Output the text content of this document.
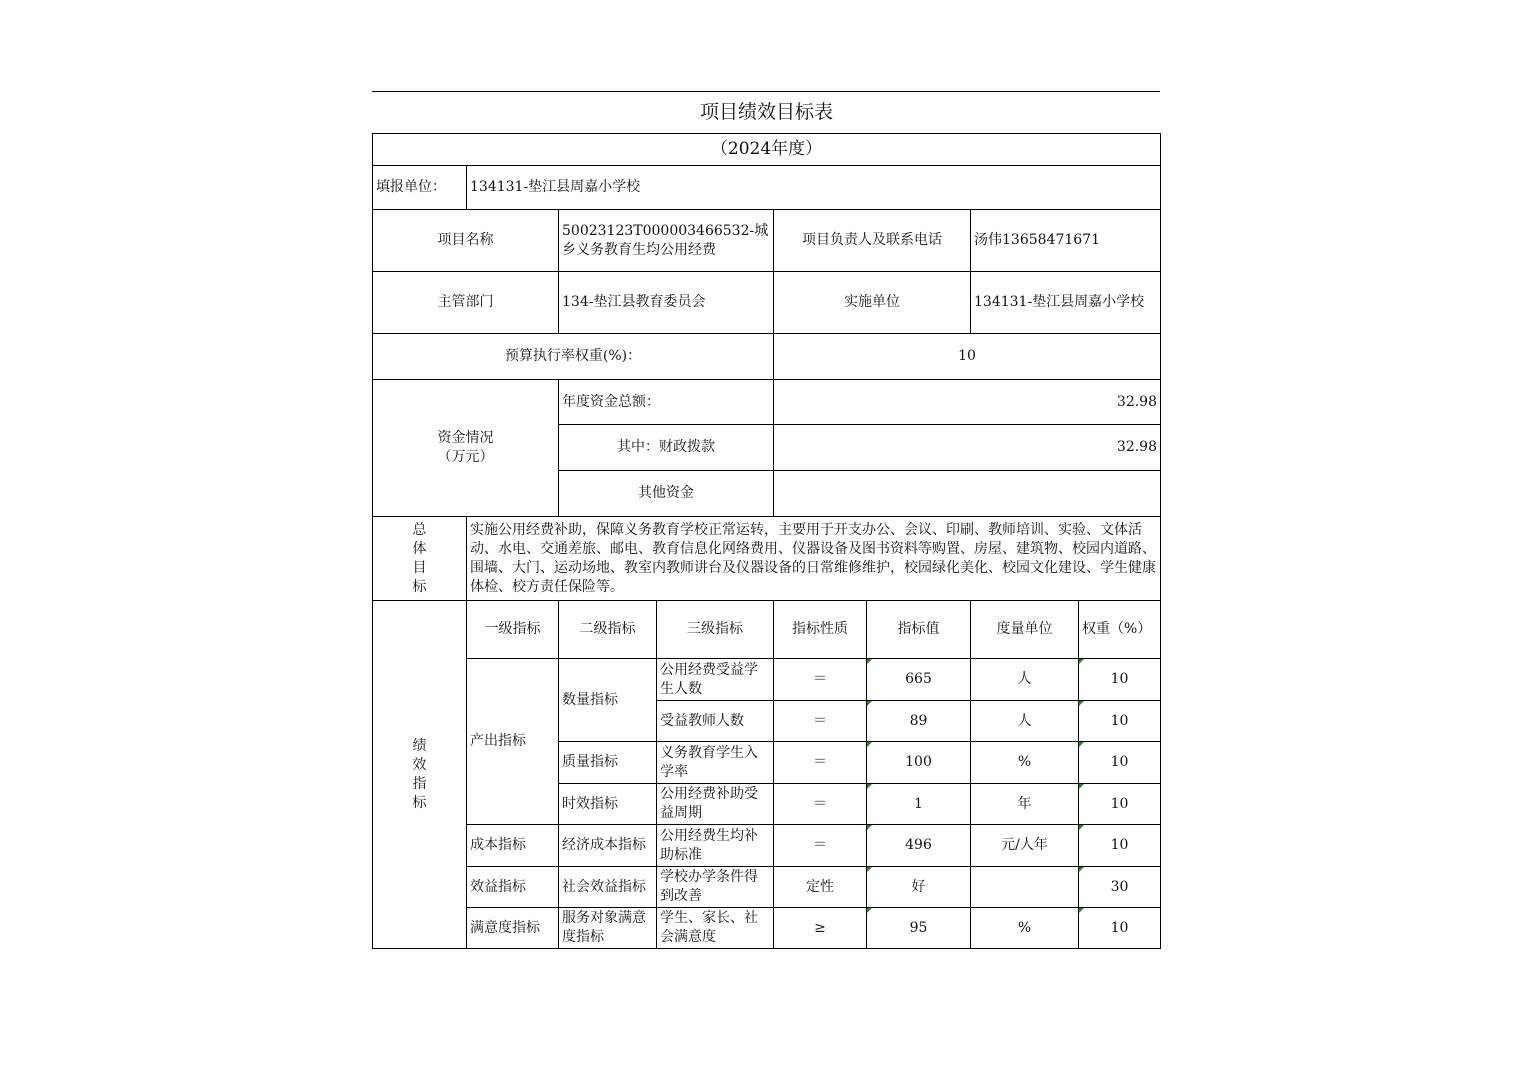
项目绩效目标表							
（2024年度）							
填报单位：	134131-垫江县周嘉小学校						
项目名称		50023123T000003466532-城乡义务教育生均公用经费		项目负责人及联系电话		汤伟13658471671	
主管部门		134-垫江县教育委员会		实施单位		134131-垫江县周嘉小学校	
预算执行率权重(%)：				10			

资金情况
（万元）		年度资金总额：		32.98			
		其中：财政拨款		32.98			
		其他资金					

总
体
目
标	实施公用经费补助，保障义务教育学校正常运转，主要用于开支办公、会议、印刷、教师培训、实验、文体活动、水电、交通差旅、邮电、教育信息化网络费用、仪器设备及图书资料等购置、房屋、建筑物、校园内道路、围墙、大门、运动场地、教室内教师讲台及仪器设备的日常维修维护，校园绿化美化、校园文化建设、学生健康体检、校方责任保险等。						

绩
效
指
标	一级指标	二级指标	三级指标	指标性质	指标值	度量单位	权重（%）
	产出指标	数量指标	公用经费受益学生人数	＝	665	人	10
			受益教师人数	＝	89	人	10
		质量指标	义务教育学生入学率	＝	100	%	10
		时效指标	公用经费补助受益周期	＝	1	年	10
	成本指标	经济成本指标	公用经费生均补助标准	＝	496	元/人年	10
	效益指标	社会效益指标	学校办学条件得到改善	定性	好		30
	满意度指标	服务对象满意度指标	学生、家长、社会满意度	≥	95	%	10
